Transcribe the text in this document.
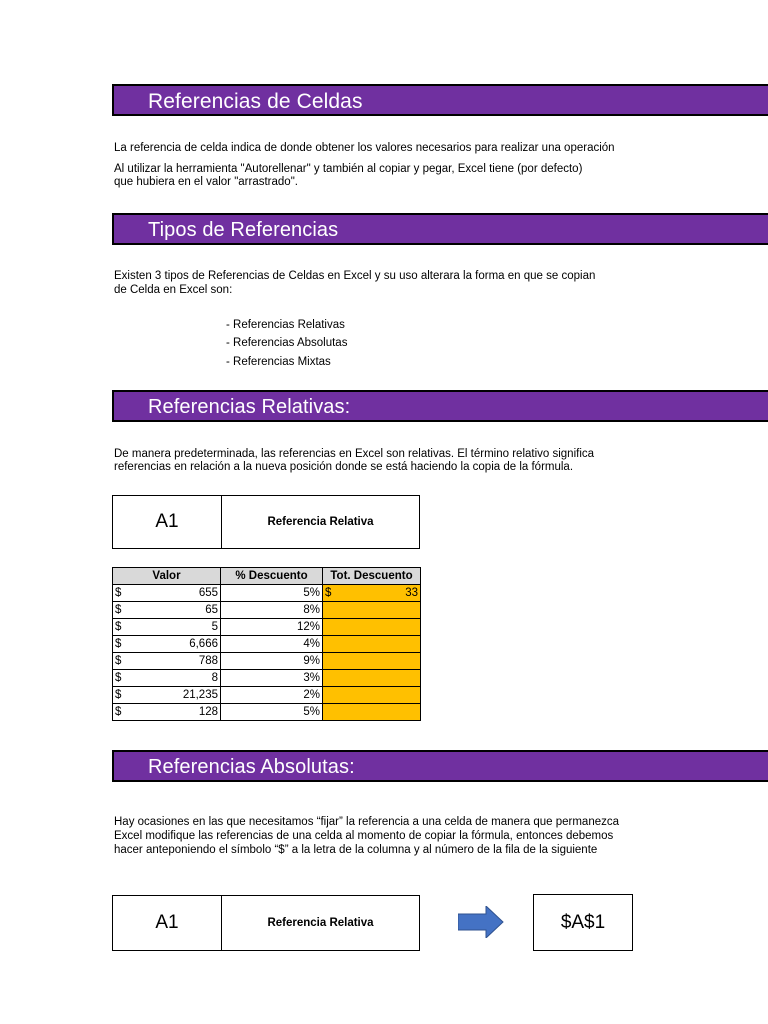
Referencias de Celdas
Tipos de Referencias
Referencias Relativas:
Referencias Absolutas:
La referencia de celda indica de donde obtener los valores necesarios para realizar una operación
Al utilizar la herramienta "Autorellenar" y también al copiar y pegar, Excel tiene (por defecto)
que hubiera en el valor "arrastrado".
Existen 3 tipos de Referencias de Celdas en Excel y su uso alterara la forma en que se copian
de Celda en Excel son:
- Referencias Relativas
- Referencias Absolutas
- Referencias Mixtas
De manera predeterminada, las referencias en Excel son relativas. El término relativo significa
referencias en relación a la nueva posición donde se está haciendo la copia de la fórmula.
Hay ocasiones en las que necesitamos “fijar” la referencia a una celda de manera que permanezca
Excel modifique las referencias de una celda al momento de copiar la fórmula, entonces debemos
hacer anteponiendo el símbolo “$” a la letra de la columna y al número de la fila de la siguiente
A1	Referencia Relativa
Valor	% Descuento	Tot. Descuento

$ 655	5%	$ 33

$ 65	8%	

$ 5	12%	

$ 6,666	4%	

$ 788	9%	

$ 8	3%	

$ 21,235	2%	

$ 128	5%	
A1	Referencia Relativa	$A$1
